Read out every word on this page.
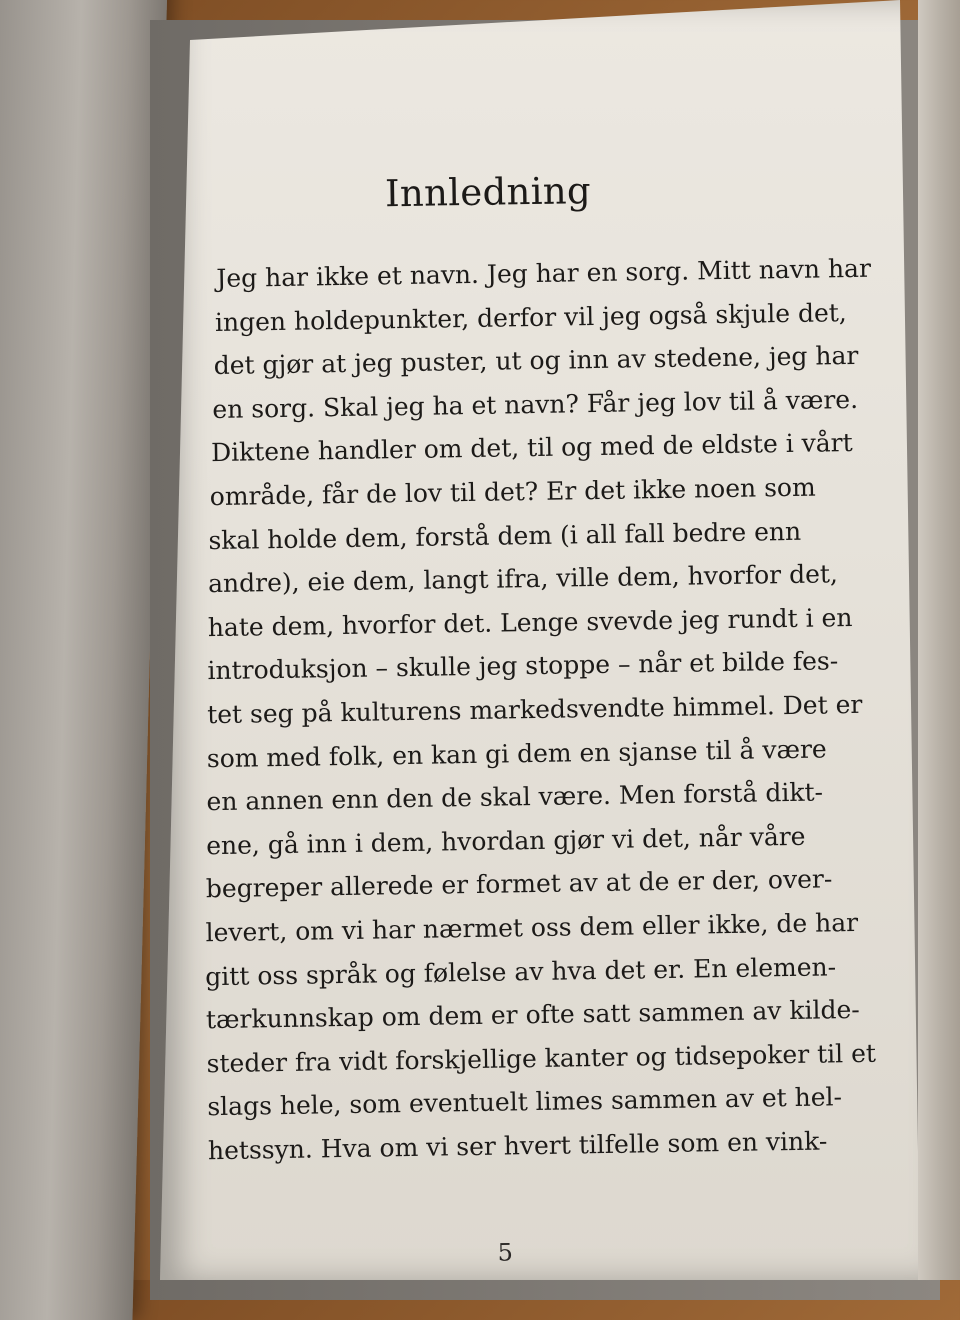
Innledning
Jeg har ikke et navn. Jeg har en sorg. Mitt navn har
ingen holdepunkter, derfor vil jeg også skjule det,
det gjør at jeg puster, ut og inn av stedene, jeg har
en sorg. Skal jeg ha et navn? Får jeg lov til å være.
Diktene handler om det, til og med de eldste i vårt
område, får de lov til det? Er det ikke noen som
skal holde dem, forstå dem (i all fall bedre enn
andre), eie dem, langt ifra, ville dem, hvorfor det,
hate dem, hvorfor det. Lenge svevde jeg rundt i en
introduksjon – skulle jeg stoppe – når et bilde fes-
tet seg på kulturens markedsvendte himmel. Det er
som med folk, en kan gi dem en sjanse til å være
en annen enn den de skal være. Men forstå dikt-
ene, gå inn i dem, hvordan gjør vi det, når våre
begreper allerede er formet av at de er der, over-
levert, om vi har nærmet oss dem eller ikke, de har
gitt oss språk og følelse av hva det er. En elemen-
tærkunnskap om dem er ofte satt sammen av kilde-
steder fra vidt forskjellige kanter og tidsepoker til et
slags hele, som eventuelt limes sammen av et hel-
hetssyn. Hva om vi ser hvert tilfelle som en vink-
5
